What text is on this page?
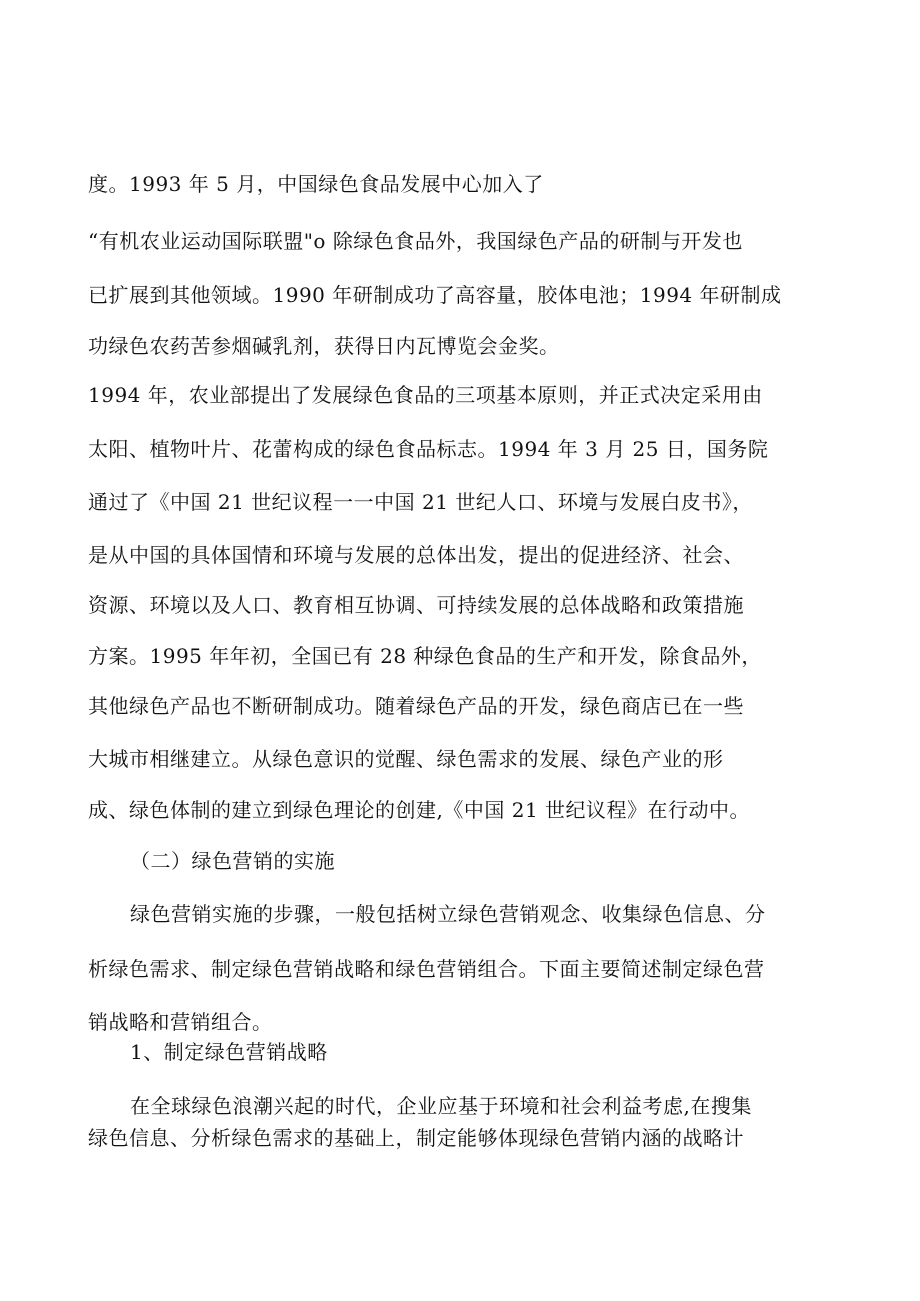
度。1993 年 5 月，中国绿色食品发展中心加入了
“有机农业运动国际联盟"o 除绿色食品外，我国绿色产品的研制与开发也
已扩展到其他领域。1990 年研制成功了高容量，胶体电池；1994 年研制成
功绿色农药苦参烟碱乳剂，获得日内瓦博览会金奖。
1994 年，农业部提出了发展绿色食品的三项基本原则，并正式决定采用由
太阳、植物叶片、花蕾构成的绿色食品标志。1994 年 3 月 25 日，国务院
通过了《中国 21 世纪议程一一中国 21 世纪人口、环境与发展白皮书》，
是从中国的具体国情和环境与发展的总体出发，提出的促进经济、社会、
资源、环境以及人口、教育相互协调、可持续发展的总体战略和政策措施
方案。1995 年年初，全国已有 28 种绿色食品的生产和开发，除食品外，
其他绿色产品也不断研制成功。随着绿色产品的开发，绿色商店已在一些
大城市相继建立。从绿色意识的觉醒、绿色需求的发展、绿色产业的形
成、绿色体制的建立到绿色理论的创建,《中国 21 世纪议程》在行动中。
（二）绿色营销的实施
绿色营销实施的步骤，一般包括树立绿色营销观念、收集绿色信息、分
析绿色需求、制定绿色营销战略和绿色营销组合。下面主要简述制定绿色营
销战略和营销组合。
1、制定绿色营销战略
在全球绿色浪潮兴起的时代，企业应基于环境和社会利益考虑,在搜集
绿色信息、分析绿色需求的基础上，制定能够体现绿色营销内涵的战略计
